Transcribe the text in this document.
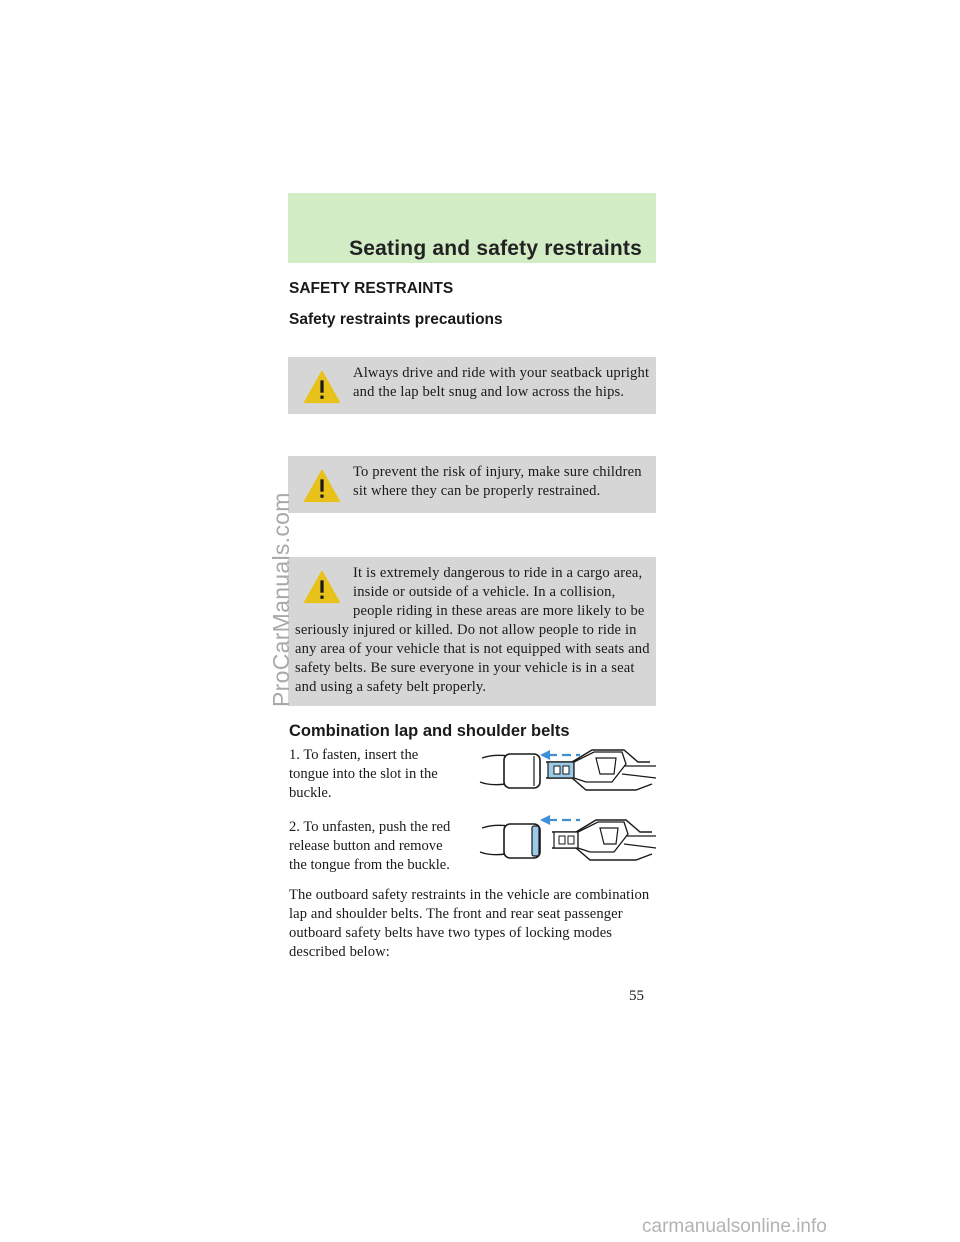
Seating and safety restraints
SAFETY RESTRAINTS
Safety restraints precautions

Always drive and ride with your seatback upright and the lap belt snug and low across the hips.

To prevent the risk of injury, make sure children sit where they can be properly restrained.

It is extremely dangerous to ride in a cargo area, inside or outside of a vehicle. In a collision, people riding in these areas are more likely to be seriously injured or killed. Do not allow people to ride in any area of your vehicle that is not equipped with seats and safety belts. Be sure everyone in your vehicle is in a seat and using a safety belt properly.

Combination lap and shoulder belts

1. To fasten, insert the tongue into the slot in the buckle.

2. To unfasten, push the red release button and remove the tongue from the buckle.

The outboard safety restraints in the vehicle are combination lap and shoulder belts. The front and rear seat passenger outboard safety belts have two types of locking modes described below:

55
ProCarManuals.com
carmanualsonline.info
